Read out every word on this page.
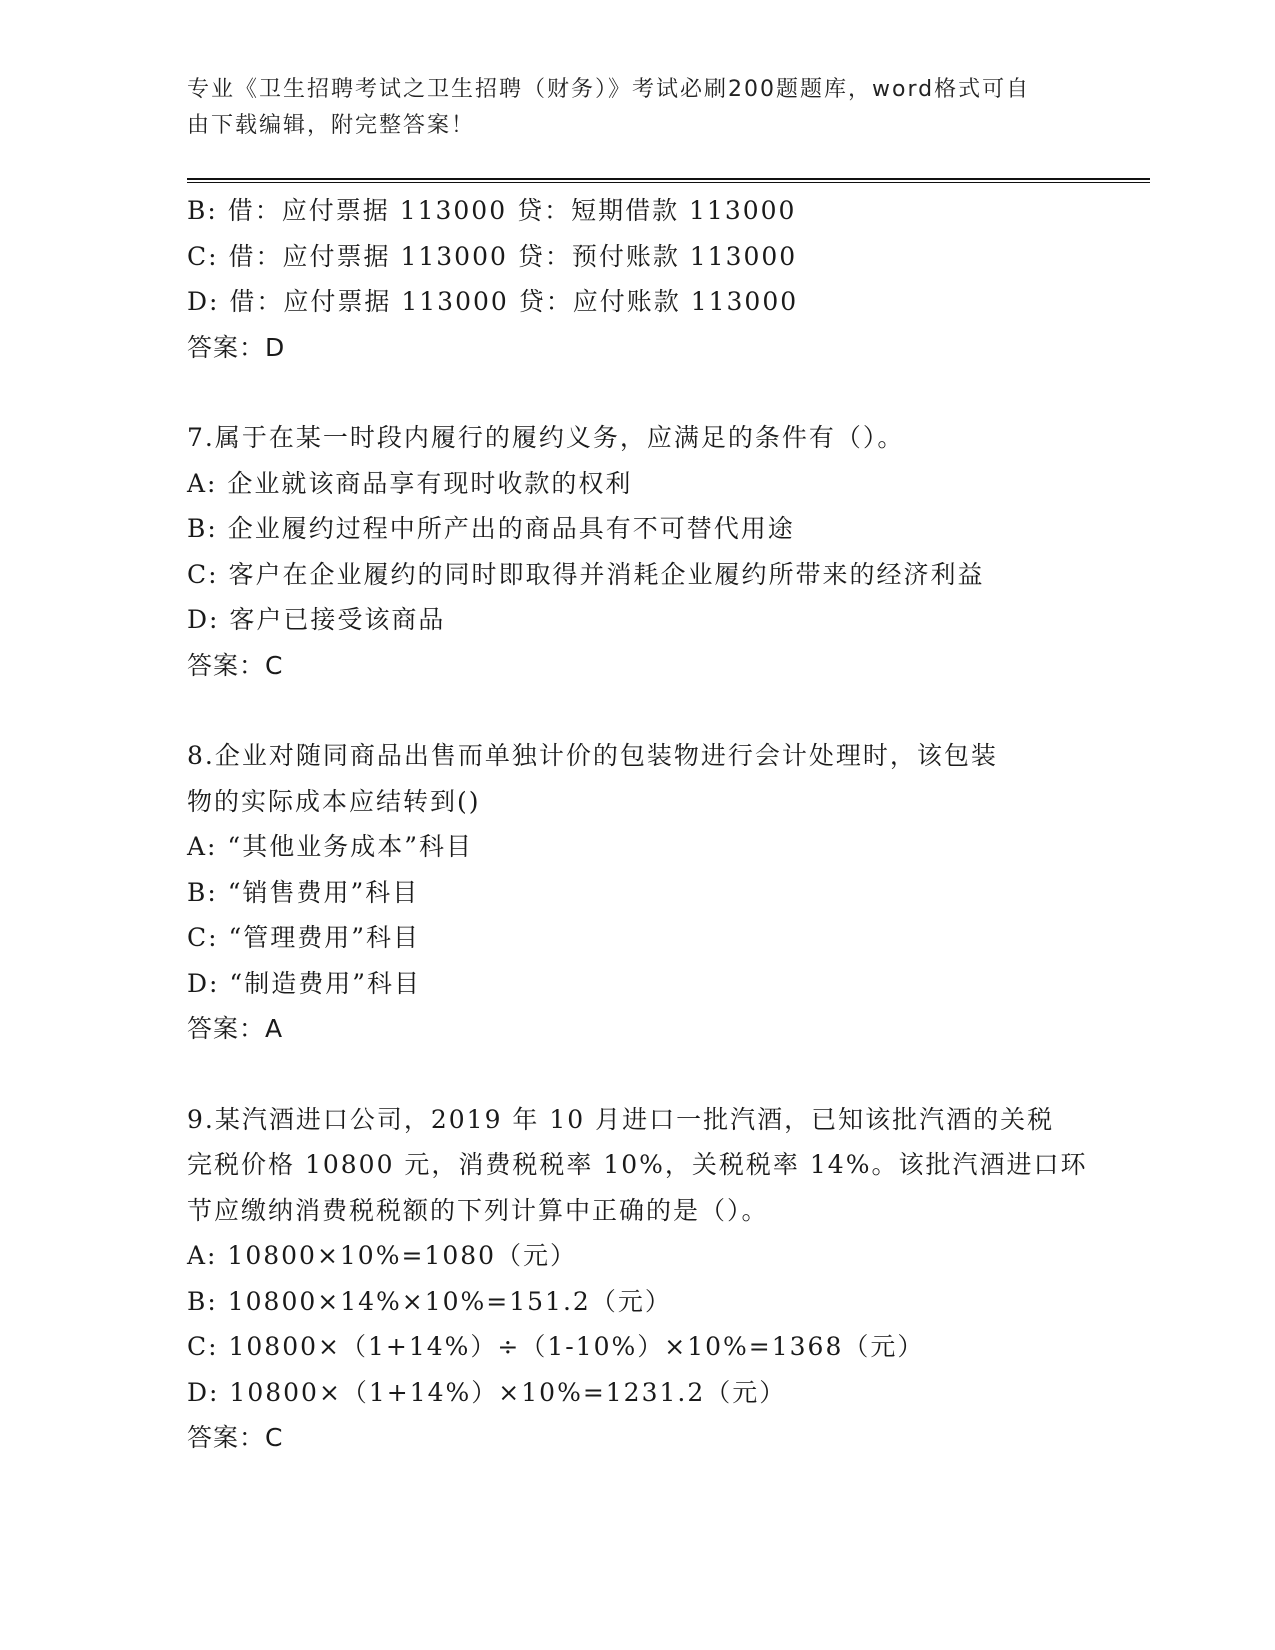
专业《卫生招聘考试之卫生招聘（财务）》考试必刷200题题库，word格式可自
由下载编辑，附完整答案！

B: 借：应付票据 113000 贷：短期借款 113000

C: 借：应付票据 113000 贷：预付账款 113000

D: 借：应付票据 113000 贷：应付账款 113000

答案：D

7.属于在某一时段内履行的履约义务，应满足的条件有（）。

A: 企业就该商品享有现时收款的权利

B: 企业履约过程中所产出的商品具有不可替代用途

C: 客户在企业履约的同时即取得并消耗企业履约所带来的经济利益

D: 客户已接受该商品

答案：C

8.企业对随同商品出售而单独计价的包装物进行会计处理时，该包装

物的实际成本应结转到()

A: “其他业务成本”科目

B: “销售费用”科目

C: “管理费用”科目

D: “制造费用”科目

答案：A

9.某汽酒进口公司，2019 年 10 月进口一批汽酒，已知该批汽酒的关税

完税价格 10800 元，消费税税率 10%，关税税率 14%。该批汽酒进口环

节应缴纳消费税税额的下列计算中正确的是（）。

A: 10800×10%=1080（元）

B: 10800×14%×10%=151.2（元）

C: 10800×（1+14%）÷（1-10%）×10%=1368（元）

D: 10800×（1+14%）×10%=1231.2（元）

答案：C
